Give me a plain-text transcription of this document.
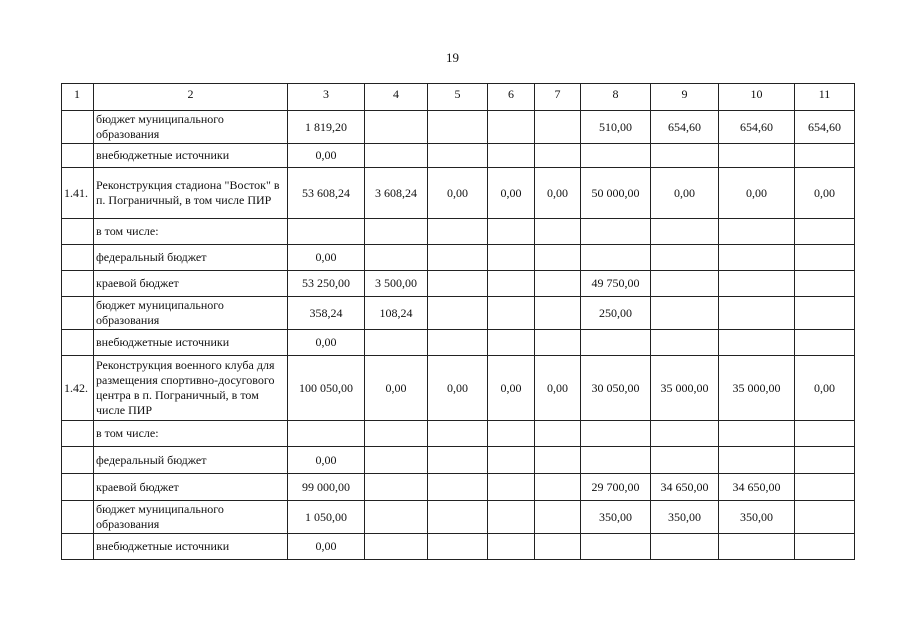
19
1	2	3	4	5	6	7	8	9	10	11
	бюджет муниципального образования	1 819,20					510,00	654,60	654,60	654,60
	внебюджетные источники	0,00								
1.41.	Реконструкция стадиона "Восток" в п. Пограничный, в том числе ПИР	53 608,24	3 608,24	0,00	0,00	0,00	50 000,00	0,00	0,00	0,00
	в том числе:									
	федеральный бюджет	0,00								
	краевой бюджет	53 250,00	3 500,00				49 750,00			
	бюджет муниципального образования	358,24	108,24				250,00			
	внебюджетные источники	0,00								
1.42.	Реконструкция военного клуба для размещения спортивно-досугового центра в п. Пограничный, в том числе ПИР	100 050,00	0,00	0,00	0,00	0,00	30 050,00	35 000,00	35 000,00	0,00
	в том числе:									
	федеральный бюджет	0,00								
	краевой бюджет	99 000,00					29 700,00	34 650,00	34 650,00	
	бюджет муниципального образования	1 050,00					350,00	350,00	350,00	
	внебюджетные источники	0,00								
